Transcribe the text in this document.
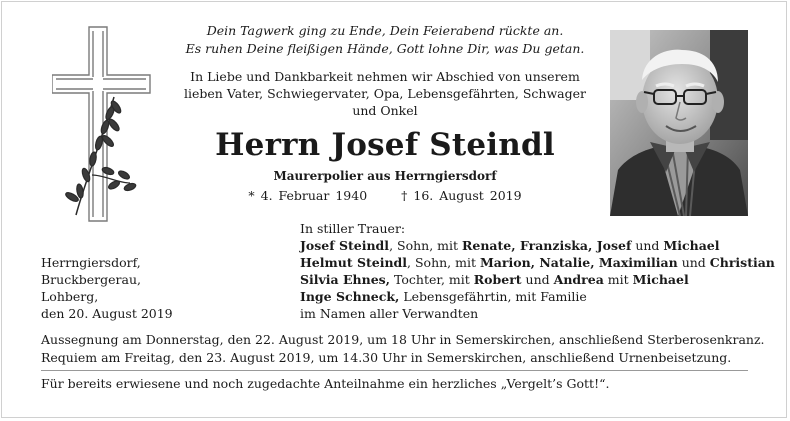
Dein Tagwerk ging zu Ende, Dein Feierabend rückte an.
Es ruhen Deine fleißigen Hände, Gott lohne Dir, was Du getan.
In Liebe und Dankbarkeit nehmen wir Abschied von unserem
lieben Vater, Schwiegervater, Opa, Lebensgefährten, Schwager
und Onkel
Herrn Josef Steindl
Maurerpolier aus Herrngiersdorf
* 4. Februar 1940	† 16. August 2019
Herrngiersdorf,
Bruckbergerau,
Lohberg,
den 20. August 2019
In stiller Trauer:
Josef Steindl, Sohn, mit Renate, Franziska, Josef und Michael
Helmut Steindl, Sohn, mit Marion, Natalie, Maximilian und Christian
Silvia Ehnes, Tochter, mit Robert und Andrea mit Michael
Inge Schneck, Lebensgefährtin, mit Familie
im Namen aller Verwandten
Aussegnung am Donnerstag, den 22. August 2019, um 18 Uhr in Semerskirchen, anschließend Sterberosenkranz.
Requiem am Freitag, den 23. August 2019, um 14.30 Uhr in Semerskirchen, anschließend Urnenbeisetzung.
Für bereits erwiesene und noch zugedachte Anteilnahme ein herzliches „Vergelt’s Gott!“.
